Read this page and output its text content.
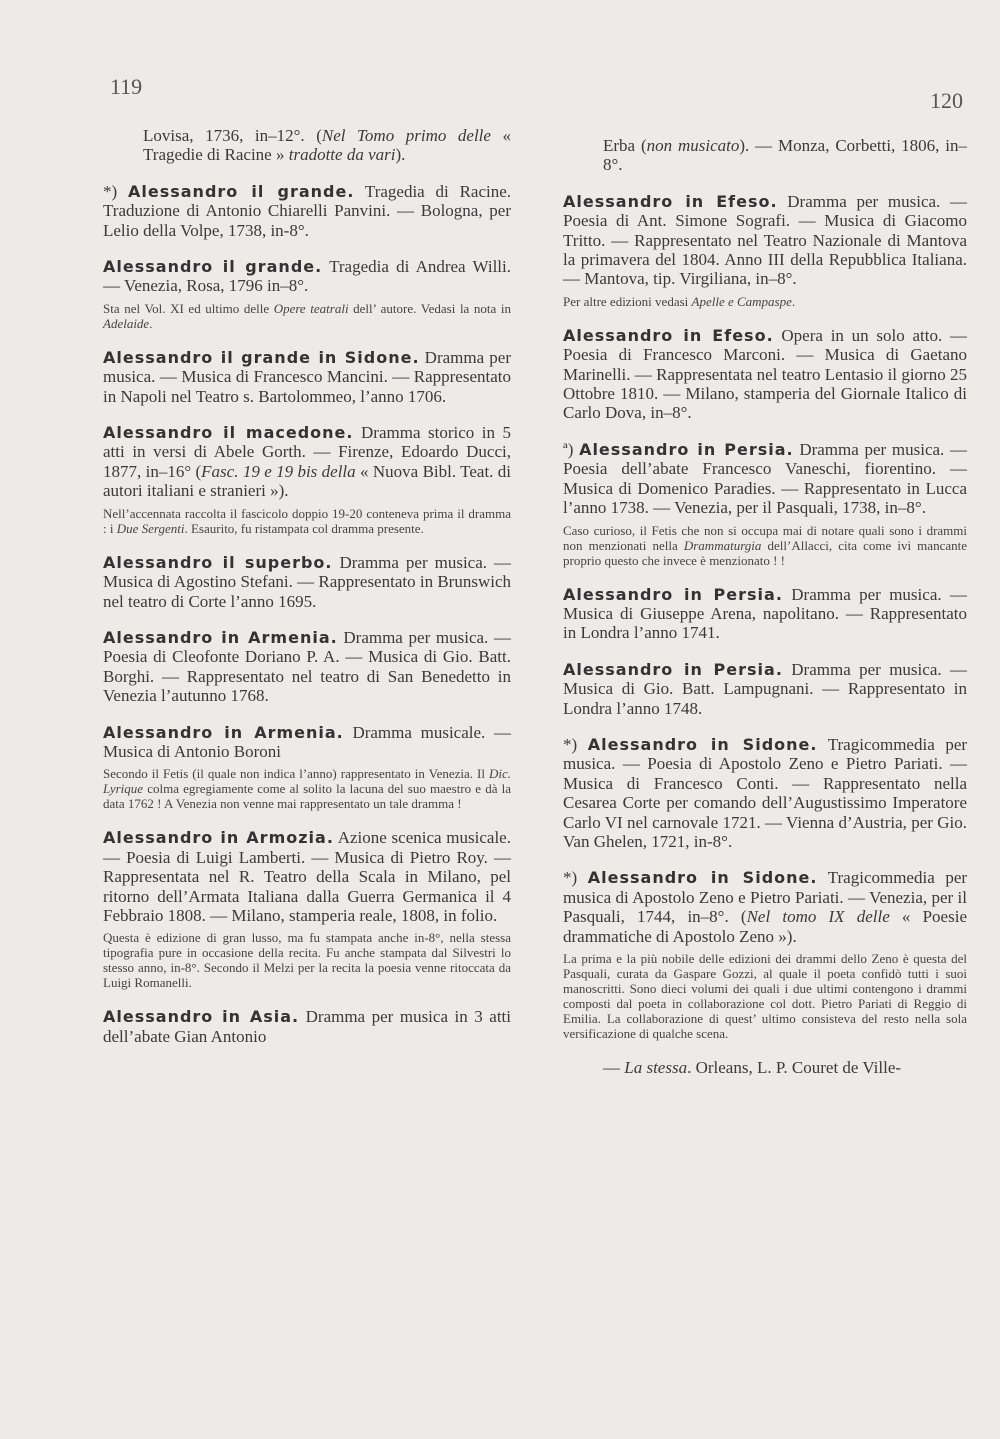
119
120

Lovisa, 1736, in–12°. (Nel Tomo primo delle « Tragedie di Racine » tradotte da vari).

*) Alessandro il grande. Tragedia di Racine. Traduzione di Antonio Chiarelli Panvini. — Bologna, per Lelio della Volpe, 1738, in-8°.

Alessandro il grande. Tragedia di Andrea Willi. — Venezia, Rosa, 1796 in–8°.

Sta nel Vol. XI ed ultimo delle Opere teatrali dell’ autore. Vedasi la nota in Adelaide.

Alessandro il grande in Sidone. Dramma per musica. — Musica di Francesco Mancini. — Rappresentato in Napoli nel Teatro s. Bartolommeo, l’anno 1706.

Alessandro il macedone. Dramma storico in 5 atti in versi di Abele Gorth. — Firenze, Edoardo Ducci, 1877, in–16° (Fasc. 19 e 19 bis della « Nuova Bibl. Teat. di autori italiani e stranieri »).

Nell’accennata raccolta il fascicolo doppio 19-20 conteneva prima il dramma : i Due Sergenti. Esaurito, fu ristampata col dramma presente.

Alessandro il superbo. Dramma per musica. — Musica di Agostino Stefani. — Rappresentato in Brunswich nel teatro di Corte l’anno 1695.

Alessandro in Armenia. Dramma per musica. — Poesia di Cleofonte Doriano P. A. — Musica di Gio. Batt. Borghi. — Rappresentato nel teatro di San Benedetto in Venezia l’autunno 1768.

Alessandro in Armenia. Dramma musicale. — Musica di Antonio Boroni

Secondo il Fetis (il quale non indica l’anno) rappresentato in Venezia. Il Dic. Lyrique colma egregiamente come al solito la lacuna del suo maestro e dà la data 1762 ! A Venezia non venne mai rappresentato un tale dramma !

Alessandro in Armozia. Azione scenica musicale. — Poesia di Luigi Lamberti. — Musica di Pietro Roy. — Rappresentata nel R. Teatro della Scala in Milano, pel ritorno dell’Armata Italiana dalla Guerra Germanica il 4 Febbraio 1808. — Milano, stamperia reale, 1808, in folio.

Questa è edizione di gran lusso, ma fu stampata anche in-8°, nella stessa tipografia pure in occasione della recita. Fu anche stampata dal Silvestri lo stesso anno, in-8°. Secondo il Melzi per la recita la poesia venne ritoccata da Luigi Romanelli.

Alessandro in Asia. Dramma per musica in 3 atti dell’abate Gian Antonio

Erba (non musicato). — Monza, Corbetti, 1806, in–8°.

Alessandro in Efeso. Dramma per musica. — Poesia di Ant. Simone Sografi. — Musica di Giacomo Tritto. — Rappresentato nel Teatro Nazionale di Mantova la primavera del 1804. Anno III della Repubblica Italiana. — Mantova, tip. Virgiliana, in–8°.

Per altre edizioni vedasi Apelle e Campaspe.

Alessandro in Efeso. Opera in un solo atto. — Poesia di Francesco Marconi. — Musica di Gaetano Marinelli. — Rappresentata nel teatro Lentasio il giorno 25 Ottobre 1810. — Milano, stamperia del Giornale Italico di Carlo Dova, in–8°.

ª) Alessandro in Persia. Dramma per musica. — Poesia dell’abate Francesco Vaneschi, fiorentino. — Musica di Domenico Paradies. — Rappresentato in Lucca l’anno 1738. — Venezia, per il Pasquali, 1738, in–8°.

Caso curioso, il Fetis che non si occupa mai di notare quali sono i drammi non menzionati nella Drammaturgia dell’Allacci, cita come ivi mancante proprio questo che invece è menzionato ! !

Alessandro in Persia. Dramma per musica. — Musica di Giuseppe Arena, napolitano. — Rappresentato in Londra l’anno 1741.

Alessandro in Persia. Dramma per musica. — Musica di Gio. Batt. Lampugnani. — Rappresentato in Londra l’anno 1748.

*) Alessandro in Sidone. Tragicommedia per musica. — Poesia di Apostolo Zeno e Pietro Pariati. — Musica di Francesco Conti. — Rappresentato nella Cesarea Corte per comando dell’Augustissimo Imperatore Carlo VI nel carnovale 1721. — Vienna d’Austria, per Gio. Van Ghelen, 1721, in-8°.

*) Alessandro in Sidone. Tragicommedia per musica di Apostolo Zeno e Pietro Pariati. — Venezia, per il Pasquali, 1744, in–8°. (Nel tomo IX delle « Poesie drammatiche di Apostolo Zeno »).

La prima e la più nobile delle edizioni dei drammi dello Zeno è questa del Pasquali, curata da Gaspare Gozzi, al quale il poeta confidò tutti i suoi manoscritti. Sono dieci volumi dei quali i due ultimi contengono i drammi composti dal poeta in collaborazione col dott. Pietro Pariati di Reggio di Emilia. La collaborazione di quest’ ultimo consisteva del resto nella sola versificazione di qualche scena.

— La stessa. Orleans, L. P. Couret de Ville-
